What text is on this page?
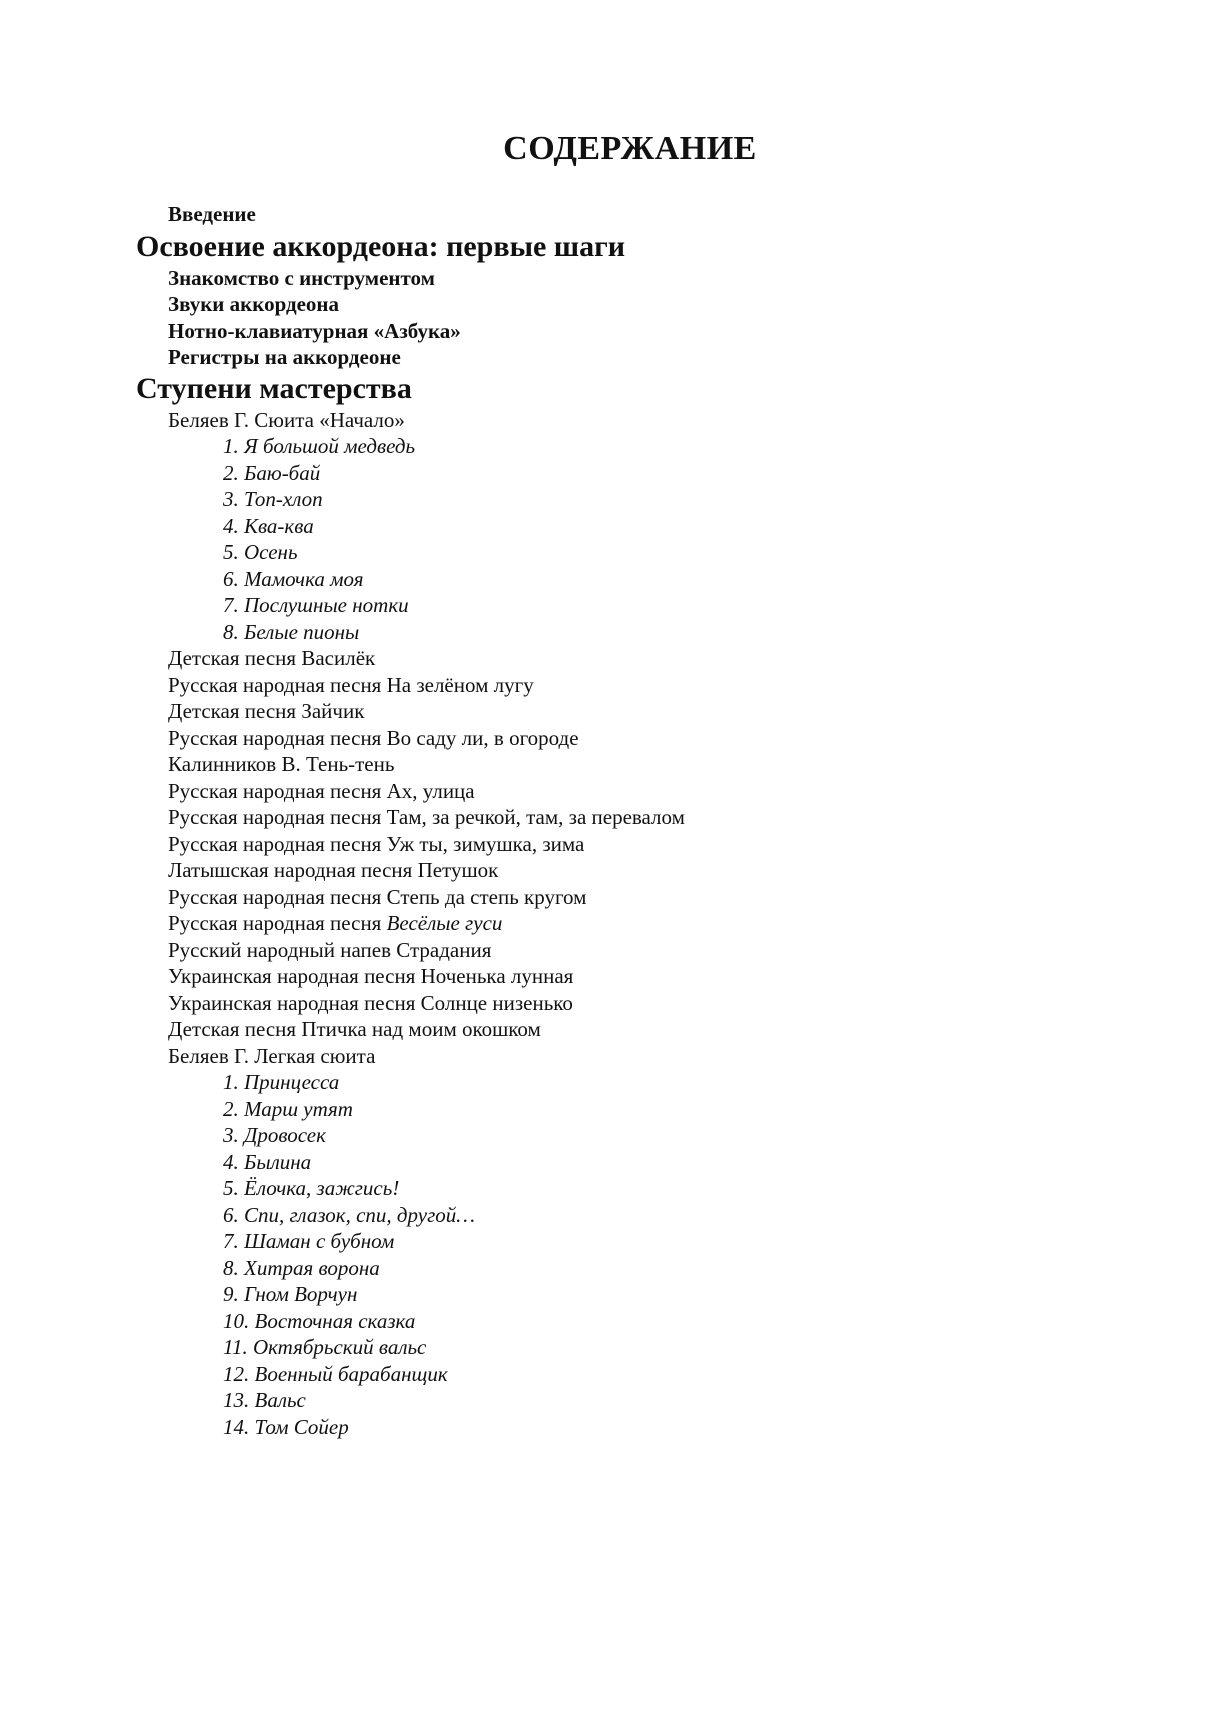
СОДЕРЖАНИЕ
Введение
Освоение аккордеона: первые шаги
Знакомство с инструментом
Звуки аккордеона
Нотно-клавиатурная «Азбука»
Регистры на аккордеоне
Ступени мастерства
Беляев Г. Сюита «Начало»
1. Я большой медведь
2. Баю-бай
3. Топ-хлоп
4. Ква-ква
5. Осень
6. Мамочка моя
7. Послушные нотки
8. Белые пионы
Детская песня Василёк
Русская народная песня На зелёном лугу
Детская песня Зайчик
Русская народная песня Во саду ли, в огороде
Калинников В. Тень-тень
Русская народная песня Ах, улица
Русская народная песня Там, за речкой, там, за перевалом
Русская народная песня Уж ты, зимушка, зима
Латышская народная песня Петушок
Русская народная песня Степь да степь кругом
Русская народная песня Весёлые гуси
Русский народный напев Страдания
Украинская народная песня Ноченька лунная
Украинская народная песня Солнце низенько
Детская песня Птичка над моим окошком
Беляев Г. Легкая сюита
1. Принцесса
2. Марш утят
3. Дровосек
4. Былина
5. Ёлочка, зажгись!
6. Спи, глазок, спи, другой…
7. Шаман с бубном
8. Хитрая ворона
9. Гном Ворчун
10. Восточная сказка
11. Октябрьский вальс
12. Военный барабанщик
13. Вальс
14. Том Сойер
